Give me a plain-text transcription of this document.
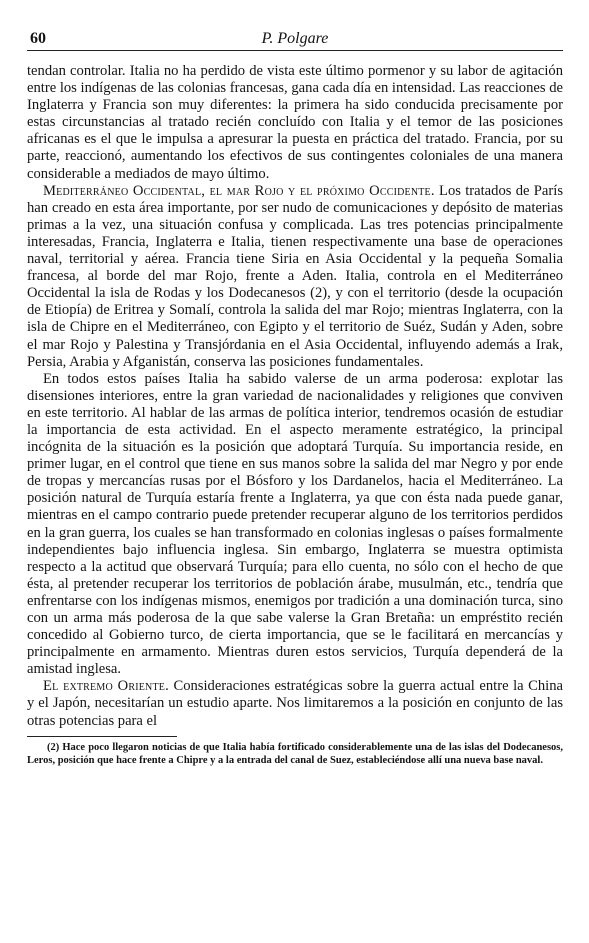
60	P. Polgare

tendan controlar. Italia no ha perdido de vista este último pormenor y su labor de agitación entre los indígenas de las colonias francesas, gana cada día en intensidad. Las reacciones de Inglaterra y Francia son muy diferentes: la primera ha sido conducida precisamente por estas circunstancias al tratado recién concluído con Italia y el temor de las posiciones africanas es el que le impulsa a apresurar la puesta en práctica del tratado. Francia, por su parte, reaccionó, aumentando los efectivos de sus contingentes coloniales de una manera considerable a mediados de mayo último.

Mediterráneo Occidental, el mar Rojo y el próximo Occidente. Los tratados de París han creado en esta área importante, por ser nudo de comunicaciones y depósito de materias primas a la vez, una situación confusa y complicada. Las tres potencias principalmente interesadas, Francia, Inglaterra e Italia, tienen respectivamente una base de operaciones naval, territorial y aérea. Francia tiene Siria en Asia Occidental y la pequeña Somalia francesa, al borde del mar Rojo, frente a Aden. Italia, controla en el Mediterráneo Occidental la isla de Rodas y los Dodecanesos (2), y con el territorio (desde la ocupación de Etiopía) de Eritrea y Somalí, controla la salida del mar Rojo; mientras Inglaterra, con la isla de Chipre en el Mediterráneo, con Egipto y el territorio de Suéz, Sudán y Aden, sobre el mar Rojo y Palestina y Transjórdania en el Asia Occidental, influyendo además a Irak, Persia, Arabia y Afganistán, conserva las posiciones fundamentales.

En todos estos países Italia ha sabido valerse de un arma poderosa: explotar las disensiones interiores, entre la gran variedad de nacionalidades y religiones que conviven en este territorio. Al hablar de las armas de política interior, tendremos ocasión de estudiar la importancia de esta actividad. En el aspecto meramente estratégico, la principal incógnita de la situación es la posición que adoptará Turquía. Su importancia reside, en primer lugar, en el control que tiene en sus manos sobre la salida del mar Negro y por ende de tropas y mercancías rusas por el Bósforo y los Dardanelos, hacia el Mediterráneo. La posición natural de Turquía estaría frente a Inglaterra, ya que con ésta nada puede ganar, mientras en el campo contrario puede pretender recuperar alguno de los territorios perdidos en la gran guerra, los cuales se han transformado en colonias inglesas o países formalmente independientes bajo influencia inglesa. Sin embargo, Inglaterra se muestra optimista respecto a la actitud que observará Turquía; para ello cuenta, no sólo con el hecho de que ésta, al pretender recuperar los territorios de población árabe, musulmán, etc., tendría que enfrentarse con los indígenas mismos, enemigos por tradición a una dominación turca, sino con un arma más poderosa de la que sabe valerse la Gran Bretaña: un empréstito recién concedido al Gobierno turco, de cierta importancia, que se le facilitará en mercancías y principalmente en armamento. Mientras duren estos servicios, Turquía dependerá de la amistad inglesa.

El extremo Oriente. Consideraciones estratégicas sobre la guerra actual entre la China y el Japón, necesitarían un estudio aparte. Nos limitaremos a la posición en conjunto de las otras potencias para el

(2) Hace poco llegaron noticias de que Italia había fortificado considerablemente una de las islas del Dodecanesos, Leros, posición que hace frente a Chipre y a la entrada del canal de Suez, estableciéndose allí una nueva base naval.
